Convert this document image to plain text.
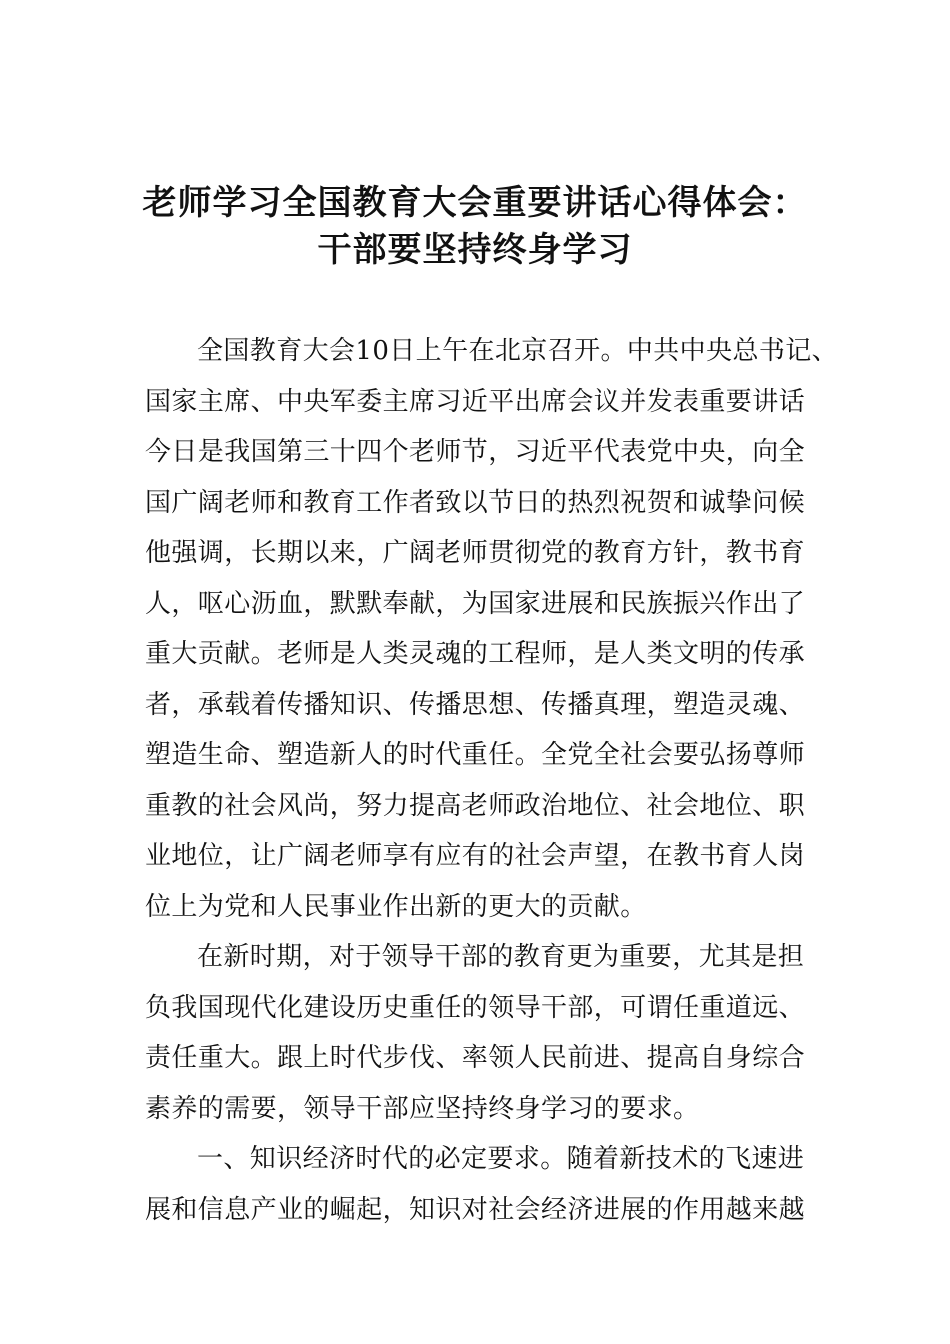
老师学习全国教育大会重要讲话心得体会：
干部要坚持终身学习
全国教育大会10日上午在北京召开。中共中央总书记、
国家主席、中央军委主席习近平出席会议并发表重要讲话
今日是我国第三十四个老师节，习近平代表党中央，向全
国广阔老师和教育工作者致以节日的热烈祝贺和诚挚问候
他强调，长期以来，广阔老师贯彻党的教育方针，教书育
人，呕心沥血，默默奉献，为国家进展和民族振兴作出了
重大贡献。老师是人类灵魂的工程师，是人类文明的传承
者，承载着传播知识、传播思想、传播真理，塑造灵魂、
塑造生命、塑造新人的时代重任。全党全社会要弘扬尊师
重教的社会风尚，努力提高老师政治地位、社会地位、职
业地位，让广阔老师享有应有的社会声望，在教书育人岗
位上为党和人民事业作出新的更大的贡献。
在新时期，对于领导干部的教育更为重要，尤其是担
负我国现代化建设历史重任的领导干部，可谓任重道远、
责任重大。跟上时代步伐、率领人民前进、提高自身综合
素养的需要，领导干部应坚持终身学习的要求。
一、知识经济时代的必定要求。随着新技术的飞速进
展和信息产业的崛起，知识对社会经济进展的作用越来越
